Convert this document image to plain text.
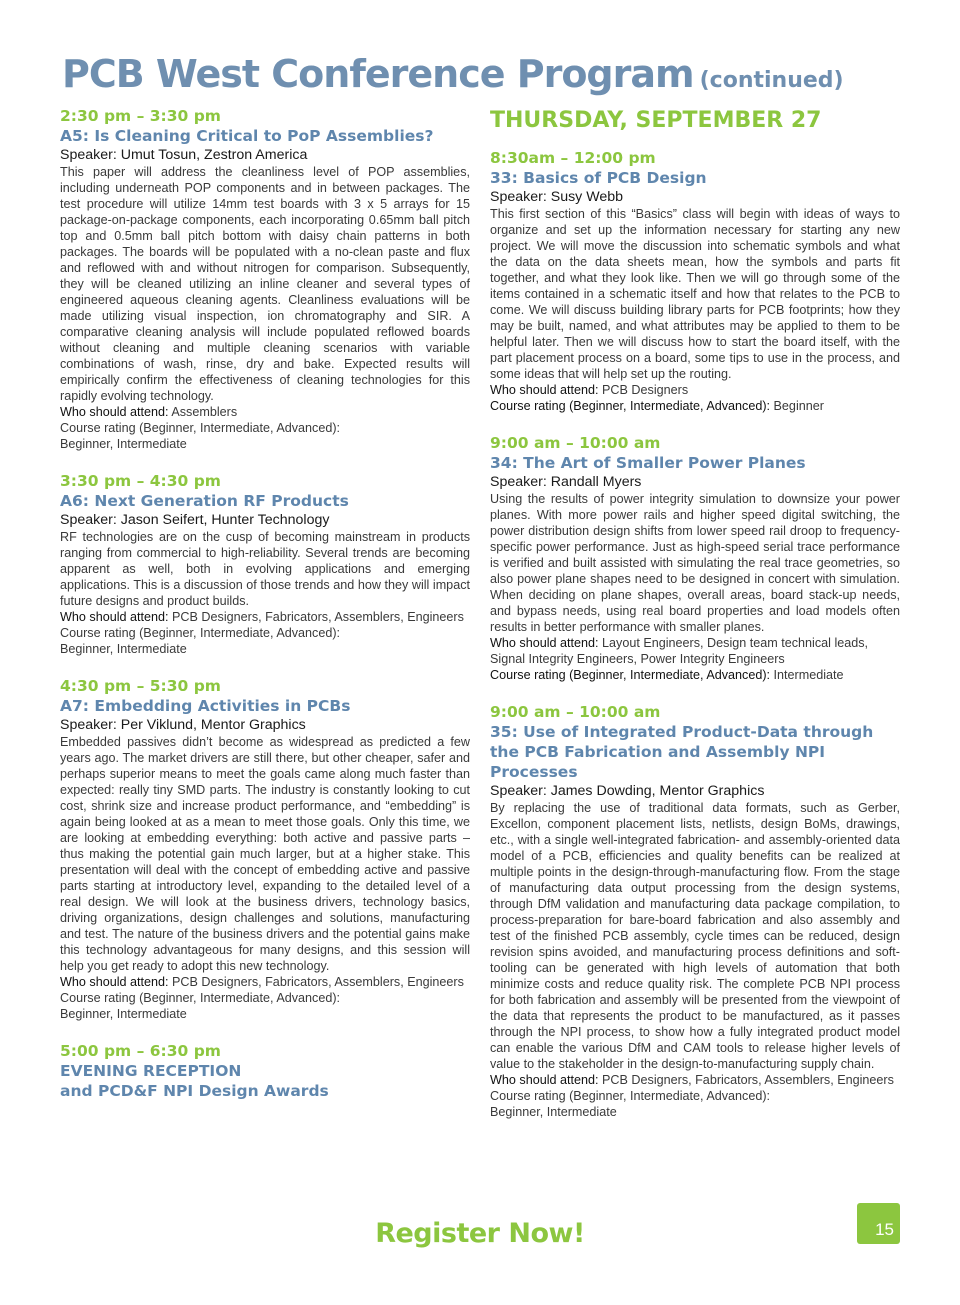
PCB West Conference Program (continued)
2:30 pm – 3:30 pm
A5: Is Cleaning Critical to PoP Assemblies?
Speaker: Umut Tosun, Zestron America

This paper will address the cleanliness level of POP assemblies, including underneath POP components and in between packages. The test procedure will utilize 14mm test boards with 3 x 5 arrays for 15 package-on-package components, each incorporating 0.65mm ball pitch top and 0.5mm ball pitch bottom with daisy chain patterns in both packages. The boards will be populated with a no-clean paste and flux and reflowed with and without nitrogen for comparison. Subsequently, they will be cleaned utilizing an inline cleaner and several types of engineered aqueous cleaning agents. Cleanliness evaluations will be made utilizing visual inspection, ion chromatography and SIR. A comparative cleaning analysis will include populated reflowed boards without cleaning and multiple cleaning scenarios with variable combinations of wash, rinse, dry and bake. Expected results will empirically confirm the effectiveness of cleaning technologies for this rapidly evolving technology.

Who should attend: Assemblers
Course rating (Beginner, Intermediate, Advanced):
Beginner, Intermediate
3:30 pm – 4:30 pm
A6: Next Generation RF Products
Speaker: Jason Seifert, Hunter Technology

RF technologies are on the cusp of becoming mainstream in products ranging from commercial to high-reliability. Several trends are becoming apparent as well, both in evolving applications and emerging applications. This is a discussion of those trends and how they will impact future designs and product builds.

Who should attend: PCB Designers, Fabricators, Assemblers, Engineers
Course rating (Beginner, Intermediate, Advanced):
Beginner, Intermediate
4:30 pm – 5:30 pm
A7: Embedding Activities in PCBs
Speaker: Per Viklund, Mentor Graphics

Embedded passives didn’t become as widespread as predicted a few years ago. The market drivers are still there, but other cheaper, safer and perhaps superior means to meet the goals came along much faster than expected: really tiny SMD parts. The industry is constantly looking to cut cost, shrink size and increase product performance, and “embedding” is again being looked at as a mean to meet those goals. Only this time, we are looking at embedding everything: both active and passive parts – thus making the potential gain much larger, but at a higher stake. This presentation will deal with the concept of embedding active and passive parts starting at introductory level, expanding to the detailed level of a real design. We will look at the business drivers, technology basics, driving organizations, design challenges and solutions, manufacturing and test. The nature of the business drivers and the potential gains make this technology advantageous for many designs, and this session will help you get ready to adopt this new technology.

Who should attend: PCB Designers, Fabricators, Assemblers, Engineers
Course rating (Beginner, Intermediate, Advanced):
Beginner, Intermediate
5:00 pm – 6:30 pm
EVENING RECEPTION
and PCD&F NPI Design Awards
THURSDAY, SEPTEMBER 27
8:30am – 12:00 pm
33: Basics of PCB Design
Speaker: Susy Webb

This first section of this “Basics” class will begin with ideas of ways to organize and set up the information necessary for starting any new project. We will move the discussion into schematic symbols and what the data on the data sheets mean, how the symbols and parts fit together, and what they look like. Then we will go through some of the items contained in a schematic itself and how that relates to the PCB to come. We will discuss building library parts for PCB footprints; how they may be built, named, and what attributes may be applied to them to be helpful later. Then we will discuss how to start the board itself, with the part placement process on a board, some tips to use in the process, and some ideas that will help set up the routing.

Who should attend: PCB Designers
Course rating (Beginner, Intermediate, Advanced): Beginner
9:00 am – 10:00 am
34: The Art of Smaller Power Planes
Speaker: Randall Myers

Using the results of power integrity simulation to downsize your power planes. With more power rails and higher speed digital switching, the power distribution design shifts from lower speed rail droop to frequency-specific power performance. Just as high-speed serial trace performance is verified and built assisted with simulating the real trace geometries, so also power plane shapes need to be designed in concert with simulation. When deciding on plane shapes, overall areas, board stack-up needs, and bypass needs, using real board properties and load models often results in better performance with smaller planes.

Who should attend: Layout Engineers, Design team technical leads, Signal Integrity Engineers, Power Integrity Engineers
Course rating (Beginner, Intermediate, Advanced): Intermediate
9:00 am – 10:00 am
35: Use of Integrated Product-Data through the PCB Fabrication and Assembly NPI Processes
Speaker: James Dowding, Mentor Graphics

By replacing the use of traditional data formats, such as Gerber, Excellon, component placement lists, netlists, design BoMs, drawings, etc., with a single well-integrated fabrication- and assembly-oriented data model of a PCB, efficiencies and quality benefits can be realized at multiple points in the design-through-manufacturing flow. From the stage of manufacturing data output processing from the design systems, through DfM validation and manufacturing data package compilation, to process-preparation for bare-board fabrication and also assembly and test of the finished PCB assembly, cycle times can be reduced, design revision spins avoided, and manufacturing process definitions and soft-tooling can be generated with high levels of automation that both minimize costs and reduce quality risk. The complete PCB NPI process for both fabrication and assembly will be presented from the viewpoint of the data that represents the product to be manufactured, as it passes through the NPI process, to show how a fully integrated product model can enable the various DfM and CAM tools to release higher levels of value to the stakeholder in the design-to-manufacturing supply chain.

Who should attend: PCB Designers, Fabricators, Assemblers, Engineers
Course rating (Beginner, Intermediate, Advanced):
Beginner, Intermediate
Register Now!	15
